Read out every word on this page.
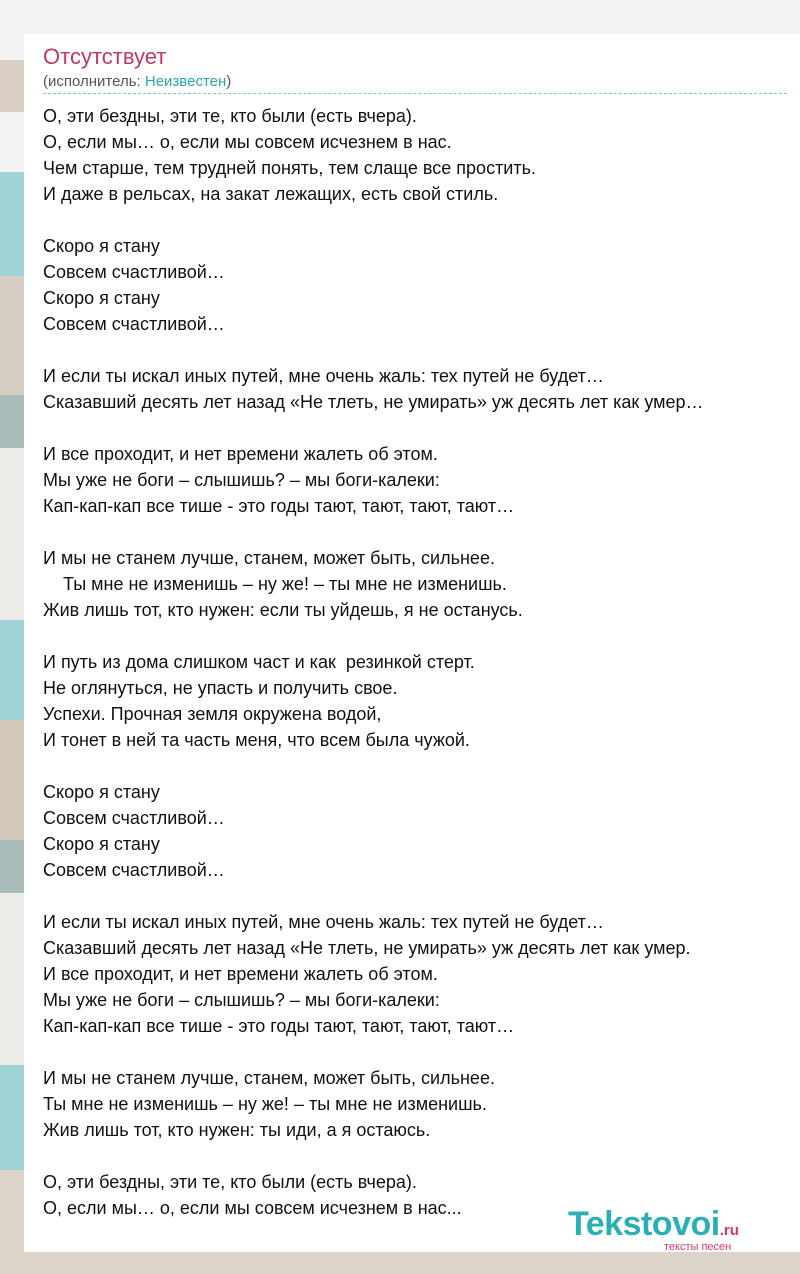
Отсутствует
(исполнитель: Неизвестен)
О, эти бездны, эти те, кто были (есть вчера).
О, если мы… о, если мы совсем исчезнем в нас.
Чем старше, тем трудней понять, тем слаще все простить.
И даже в рельсах, на закат лежащих, есть свой стиль.

Скоро я стану
Совсем счастливой…
Скоро я стану
Совсем счастливой…

И если ты искал иных путей, мне очень жаль: тех путей не будет…
Сказавший десять лет назад «Не тлеть, не умирать» уж десять лет как умер…

И все проходит, и нет времени жалеть об этом.
Мы уже не боги – слышишь? – мы боги-калеки:
Кап-кап-кап все тише - это годы тают, тают, тают, тают…

И мы не станем лучше, станем, может быть, сильнее.
Ты мне не изменишь – ну же! – ты мне не изменишь.
Жив лишь тот, кто нужен: если ты уйдешь, я не останусь.

И путь из дома слишком част и как  резинкой стерт.
Не оглянуться, не упасть и получить свое.
Успехи. Прочная земля окружена водой,
И тонет в ней та часть меня, что всем была чужой.

Скоро я стану
Совсем счастливой…
Скоро я стану
Совсем счастливой…

И если ты искал иных путей, мне очень жаль: тех путей не будет…
Сказавший десять лет назад «Не тлеть, не умирать» уж десять лет как умер.
И все проходит, и нет времени жалеть об этом.
Мы уже не боги – слышишь? – мы боги-калеки:
Кап-кап-кап все тише - это годы тают, тают, тают, тают…

И мы не станем лучше, станем, может быть, сильнее.
Ты мне не изменишь – ну же! – ты мне не изменишь.
Жив лишь тот, кто нужен: ты иди, а я остаюсь.

О, эти бездны, эти те, кто были (есть вчера).
О, если мы… о, если мы совсем исчезнем в нас...	Tekstovoi.ru
тексты песен
